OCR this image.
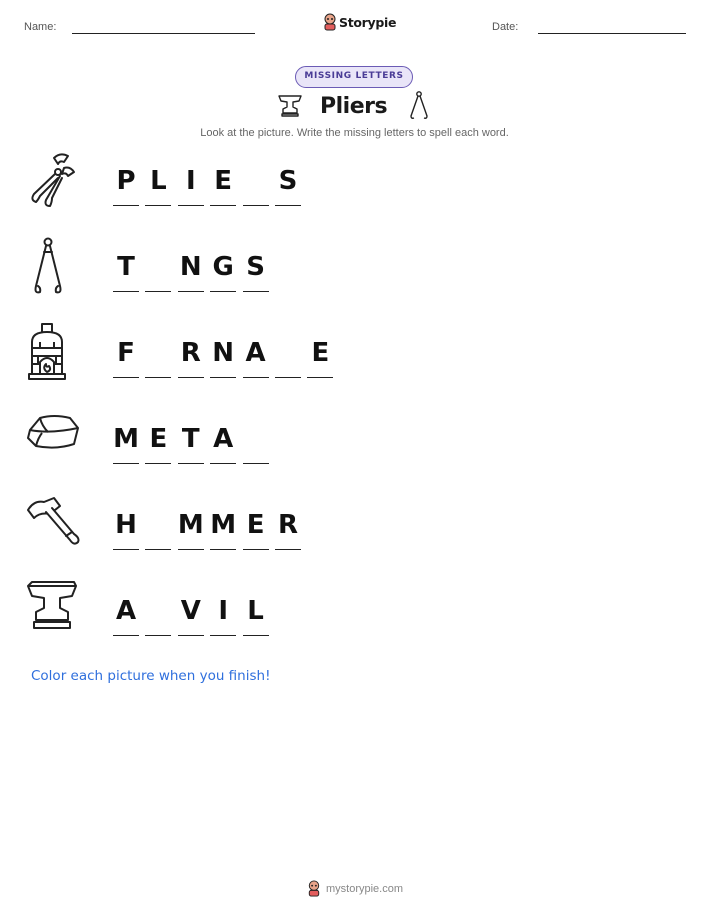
Name:	Storypie	Date:
MISSING LETTERS
Pliers
Look at the picture. Write the missing letters to spell each word.
P L I E S
T N G S
F R N A E
M E T A
H M M E R
A V I L
Color each picture when you finish!
mystorypie.com
